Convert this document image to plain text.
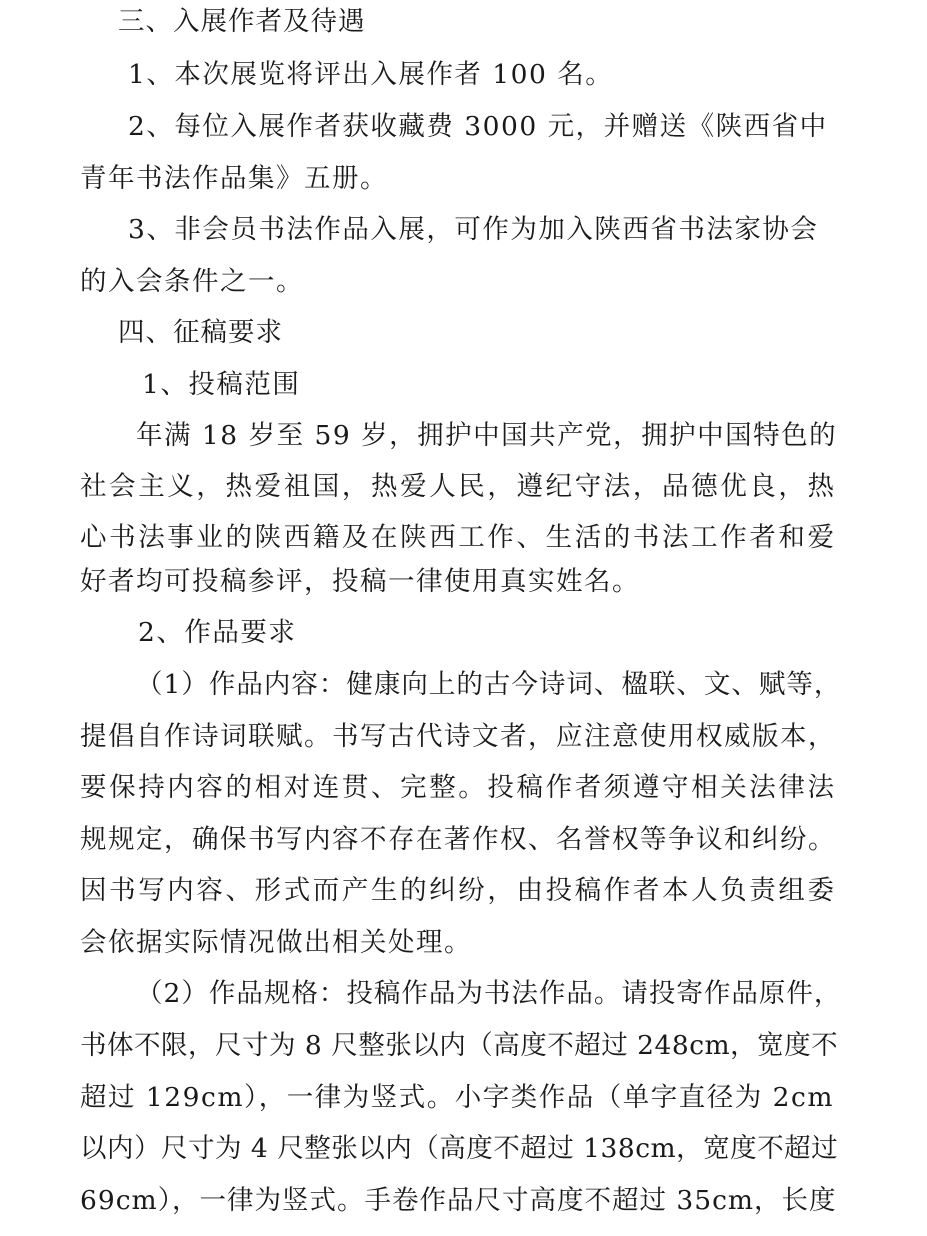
三、入展作者及待遇
1、本次展览将评出入展作者 100 名。
2、每位入展作者获收藏费 3000 元，并赠送《陕西省中
青年书法作品集》五册。
3、非会员书法作品入展，可作为加入陕西省书法家协会
的入会条件之一。
四、征稿要求
1、投稿范围
年满 18 岁至 59 岁，拥护中国共产党，拥护中国特色的
社会主义，热爱祖国，热爱人民，遵纪守法，品德优良，热
心书法事业的陕西籍及在陕西工作、生活的书法工作者和爱
好者均可投稿参评，投稿一律使用真实姓名。
2、作品要求
（1）作品内容：健康向上的古今诗词、楹联、文、赋等，
提倡自作诗词联赋。书写古代诗文者，应注意使用权威版本，
要保持内容的相对连贯、完整。投稿作者须遵守相关法律法
规规定，确保书写内容不存在著作权、名誉权等争议和纠纷。
因书写内容、形式而产生的纠纷，由投稿作者本人负责组委
会依据实际情况做出相关处理。
（2）作品规格：投稿作品为书法作品。请投寄作品原件，
书体不限，尺寸为 8 尺整张以内（高度不超过 248cm，宽度不
超过 129cm），一律为竖式。小字类作品（单字直径为 2cm
以内）尺寸为 4 尺整张以内（高度不超过 138cm，宽度不超过
69cm），一律为竖式。手卷作品尺寸高度不超过 35cm，长度
